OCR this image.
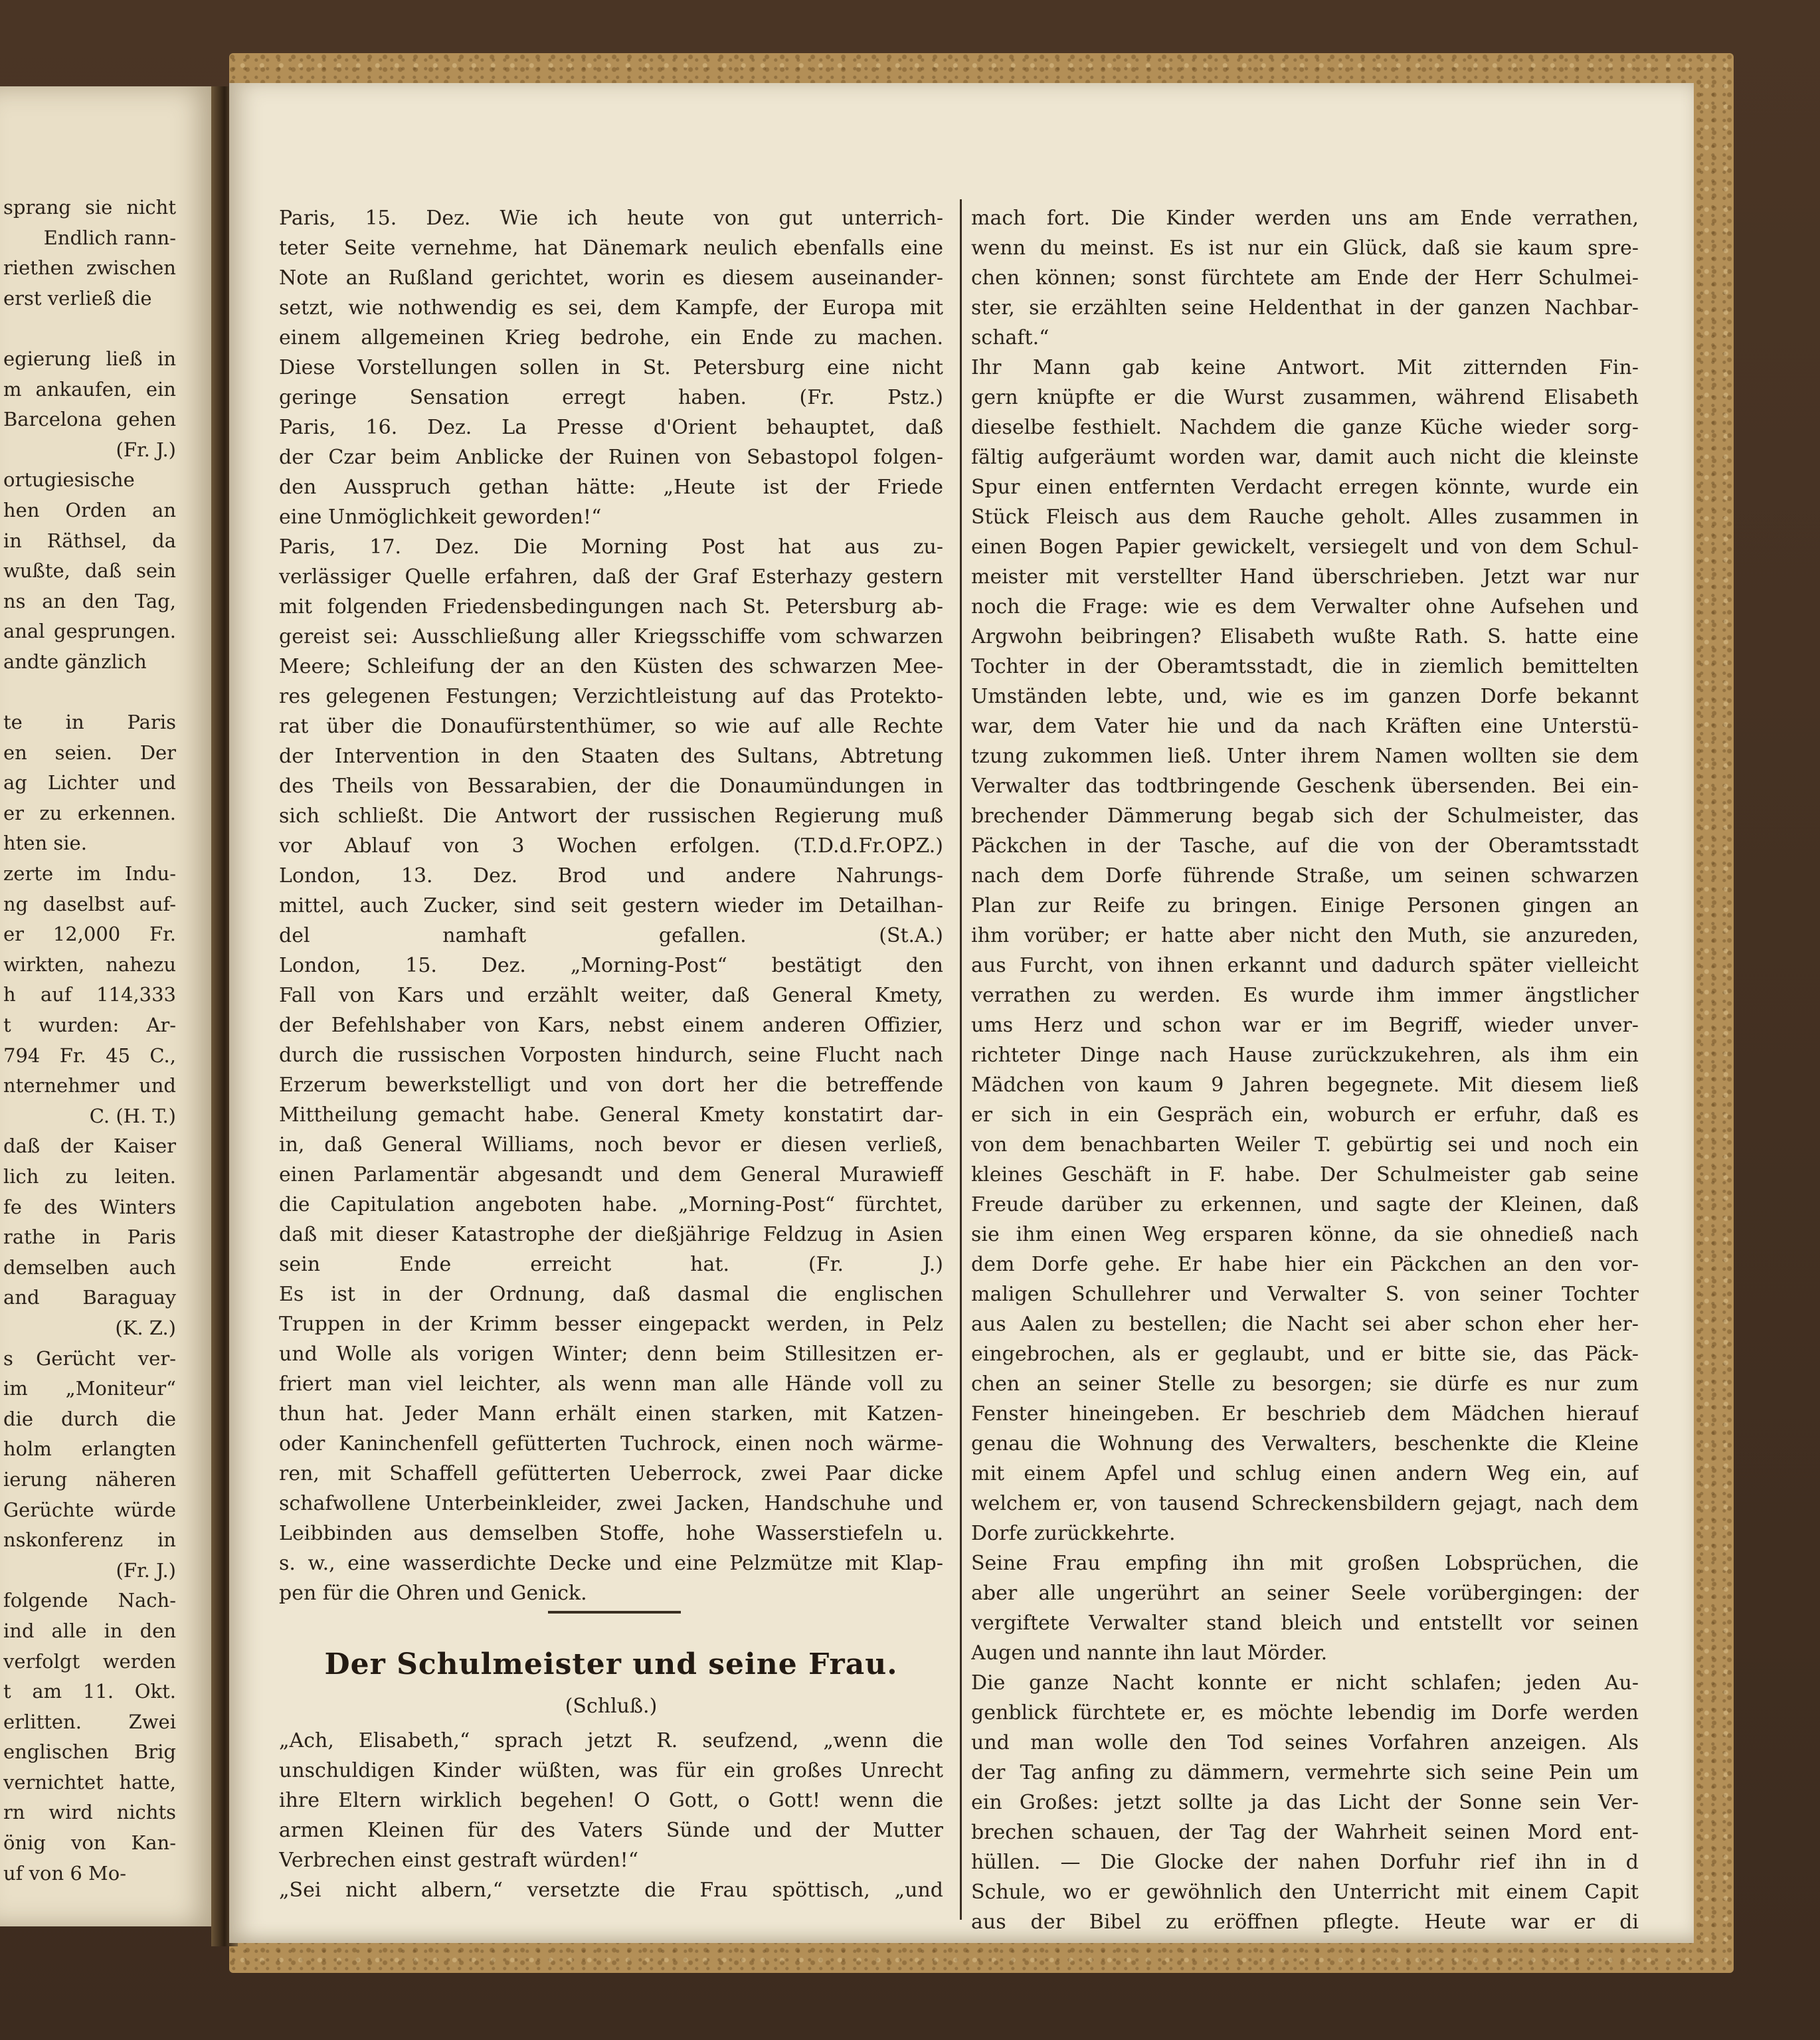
sprang sie nicht
Endlich rann-
riethen zwischen
erst verließ die
egierung ließ in
m ankaufen, ein
Barcelona gehen
(Fr. J.)
ortugiesische
hen Orden an
in Räthsel, da
wußte, daß sein
ns an den Tag,
anal gesprungen.
andte gänzlich
te in Paris
en seien. Der
ag Lichter und
er zu erkennen.
hten sie.
zerte im Indu-
ng daselbst auf-
er 12,000 Fr.
wirkten, nahezu
h auf 114,333
t wurden: Ar-
794 Fr. 45 C.,
nternehmer und
C. (H. T.)
daß der Kaiser
lich zu leiten.
fe des Winters
rathe in Paris
demselben auch
and Baraguay
(K. Z.)
s Gerücht ver-
im „Moniteur“
die durch die
holm erlangten
ierung näheren
Gerüchte würde
nskonferenz in
(Fr. J.)
folgende Nach-
ind alle in den
verfolgt werden
t am 11. Okt.
erlitten. Zwei
englischen Brig
vernichtet hatte,
rn wird nichts
önig von Kan-
uf von 6 Mo-
Paris, 15. Dez. Wie ich heute von gut unterrich-
teter Seite vernehme, hat Dänemark neulich ebenfalls eine
Note an Rußland gerichtet, worin es diesem auseinander-
setzt, wie nothwendig es sei, dem Kampfe, der Europa mit
einem allgemeinen Krieg bedrohe, ein Ende zu machen.
Diese Vorstellungen sollen in St. Petersburg eine nicht
geringe Sensation erregt haben. (Fr. Pstz.)
Paris, 16. Dez. La Presse d'Orient behauptet, daß
der Czar beim Anblicke der Ruinen von Sebastopol folgen-
den Ausspruch gethan hätte: „Heute ist der Friede
eine Unmöglichkeit geworden!“
Paris, 17. Dez. Die Morning Post hat aus zu-
verlässiger Quelle erfahren, daß der Graf Esterhazy gestern
mit folgenden Friedensbedingungen nach St. Petersburg ab-
gereist sei: Ausschließung aller Kriegsschiffe vom schwarzen
Meere; Schleifung der an den Küsten des schwarzen Mee-
res gelegenen Festungen; Verzichtleistung auf das Protekto-
rat über die Donaufürstenthümer, so wie auf alle Rechte
der Intervention in den Staaten des Sultans, Abtretung
des Theils von Bessarabien, der die Donaumündungen in
sich schließt. Die Antwort der russischen Regierung muß
vor Ablauf von 3 Wochen erfolgen. (T.D.d.Fr.OPZ.)
London, 13. Dez. Brod und andere Nahrungs-
mittel, auch Zucker, sind seit gestern wieder im Detailhan-
del namhaft gefallen. (St.A.)
London, 15. Dez. „Morning-Post“ bestätigt den
Fall von Kars und erzählt weiter, daß General Kmety,
der Befehlshaber von Kars, nebst einem anderen Offizier,
durch die russischen Vorposten hindurch, seine Flucht nach
Erzerum bewerkstelligt und von dort her die betreffende
Mittheilung gemacht habe. General Kmety konstatirt dar-
in, daß General Williams, noch bevor er diesen verließ,
einen Parlamentär abgesandt und dem General Murawieff
die Capitulation angeboten habe. „Morning-Post“ fürchtet,
daß mit dieser Katastrophe der dießjährige Feldzug in Asien
sein Ende erreicht hat. (Fr. J.)
Es ist in der Ordnung, daß dasmal die englischen
Truppen in der Krimm besser eingepackt werden, in Pelz
und Wolle als vorigen Winter; denn beim Stillesitzen er-
friert man viel leichter, als wenn man alle Hände voll zu
thun hat. Jeder Mann erhält einen starken, mit Katzen-
oder Kaninchenfell gefütterten Tuchrock, einen noch wärme-
ren, mit Schaffell gefütterten Ueberrock, zwei Paar dicke
schafwollene Unterbeinkleider, zwei Jacken, Handschuhe und
Leibbinden aus demselben Stoffe, hohe Wasserstiefeln u.
s. w., eine wasserdichte Decke und eine Pelzmütze mit Klap-
pen für die Ohren und Genick.
mach fort. Die Kinder werden uns am Ende verrathen,
wenn du meinst. Es ist nur ein Glück, daß sie kaum spre-
chen können; sonst fürchtete am Ende der Herr Schulmei-
ster, sie erzählten seine Heldenthat in der ganzen Nachbar-
schaft.“
Ihr Mann gab keine Antwort. Mit zitternden Fin-
gern knüpfte er die Wurst zusammen, während Elisabeth
dieselbe festhielt. Nachdem die ganze Küche wieder sorg-
fältig aufgeräumt worden war, damit auch nicht die kleinste
Spur einen entfernten Verdacht erregen könnte, wurde ein
Stück Fleisch aus dem Rauche geholt. Alles zusammen in
einen Bogen Papier gewickelt, versiegelt und von dem Schul-
meister mit verstellter Hand überschrieben. Jetzt war nur
noch die Frage: wie es dem Verwalter ohne Aufsehen und
Argwohn beibringen? Elisabeth wußte Rath. S. hatte eine
Tochter in der Oberamtsstadt, die in ziemlich bemittelten
Umständen lebte, und, wie es im ganzen Dorfe bekannt
war, dem Vater hie und da nach Kräften eine Unterstü-
tzung zukommen ließ. Unter ihrem Namen wollten sie dem
Verwalter das todtbringende Geschenk übersenden. Bei ein-
brechender Dämmerung begab sich der Schulmeister, das
Päckchen in der Tasche, auf die von der Oberamtsstadt
nach dem Dorfe führende Straße, um seinen schwarzen
Plan zur Reife zu bringen. Einige Personen gingen an
ihm vorüber; er hatte aber nicht den Muth, sie anzureden,
aus Furcht, von ihnen erkannt und dadurch später vielleicht
verrathen zu werden. Es wurde ihm immer ängstlicher
ums Herz und schon war er im Begriff, wieder unver-
richteter Dinge nach Hause zurückzukehren, als ihm ein
Mädchen von kaum 9 Jahren begegnete. Mit diesem ließ
er sich in ein Gespräch ein, woburch er erfuhr, daß es
von dem benachbarten Weiler T. gebürtig sei und noch ein
kleines Geschäft in F. habe. Der Schulmeister gab seine
Freude darüber zu erkennen, und sagte der Kleinen, daß
sie ihm einen Weg ersparen könne, da sie ohnedieß nach
dem Dorfe gehe. Er habe hier ein Päckchen an den vor-
maligen Schullehrer und Verwalter S. von seiner Tochter
aus Aalen zu bestellen; die Nacht sei aber schon eher her-
eingebrochen, als er geglaubt, und er bitte sie, das Päck-
chen an seiner Stelle zu besorgen; sie dürfe es nur zum
Fenster hineingeben. Er beschrieb dem Mädchen hierauf
genau die Wohnung des Verwalters, beschenkte die Kleine
mit einem Apfel und schlug einen andern Weg ein, auf
welchem er, von tausend Schreckensbildern gejagt, nach dem
Dorfe zurückkehrte.
Seine Frau empfing ihn mit großen Lobsprüchen, die
aber alle ungerührt an seiner Seele vorübergingen: der
vergiftete Verwalter stand bleich und entstellt vor seinen
Augen und nannte ihn laut Mörder.
Die ganze Nacht konnte er nicht schlafen; jeden Au-
genblick fürchtete er, es möchte lebendig im Dorfe werden
und man wolle den Tod seines Vorfahren anzeigen. Als
der Tag anfing zu dämmern, vermehrte sich seine Pein um
ein Großes: jetzt sollte ja das Licht der Sonne sein Ver-
brechen schauen, der Tag der Wahrheit seinen Mord ent-
hüllen. — Die Glocke der nahen Dorfuhr rief ihn in d
Schule, wo er gewöhnlich den Unterricht mit einem Capit
aus der Bibel zu eröffnen pflegte. Heute war er di
Der Schulmeister und seine Frau.
(Schluß.)
„Ach, Elisabeth,“ sprach jetzt R. seufzend, „wenn die
unschuldigen Kinder wüßten, was für ein großes Unrecht
ihre Eltern wirklich begehen! O Gott, o Gott! wenn die
armen Kleinen für des Vaters Sünde und der Mutter
Verbrechen einst gestraft würden!“
„Sei nicht albern,“ versetzte die Frau spöttisch, „und
